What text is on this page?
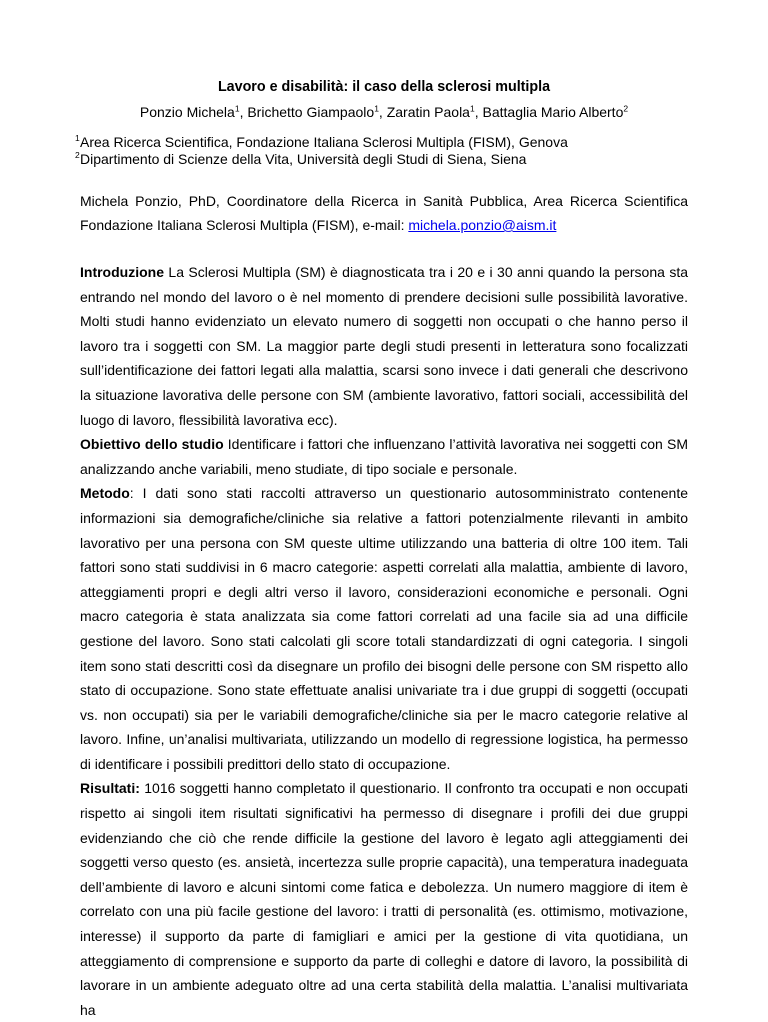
Lavoro e disabilità: il caso della sclerosi multipla
Ponzio Michela$^1$, Brichetto Giampaolo$^1$, Zaratin Paola$^1$, Battaglia Mario Alberto$^2$
1 Area Ricerca Scientifica, Fondazione Italiana Sclerosi Multipla (FISM), Genova
2 Dipartimento di Scienze della Vita, Università degli Studi di Siena, Siena
Michela Ponzio, PhD, Coordinatore della Ricerca in Sanità Pubblica, Area Ricerca Scientifica Fondazione Italiana Sclerosi Multipla (FISM), e-mail: michela.ponzio@aism.it

Introduzione La Sclerosi Multipla (SM) è diagnosticata tra i 20 e i 30 anni quando la persona sta entrando nel mondo del lavoro o è nel momento di prendere decisioni sulle possibilità lavorative. Molti studi hanno evidenziato un elevato numero di soggetti non occupati o che hanno perso il lavoro tra i soggetti con SM. La maggior parte degli studi presenti in letteratura sono focalizzati sull’identificazione dei fattori legati alla malattia, scarsi sono invece i dati generali che descrivono la situazione lavorativa delle persone con SM (ambiente lavorativo, fattori sociali, accessibilità del luogo di lavoro, flessibilità lavorativa ecc).

Obiettivo dello studio Identificare i fattori che influenzano l’attività lavorativa nei soggetti con SM analizzando anche variabili, meno studiate, di tipo sociale e personale.

Metodo: I dati sono stati raccolti attraverso un questionario autosomministrato contenente informazioni sia demografiche/cliniche sia relative a fattori potenzialmente rilevanti in ambito lavorativo per una persona con SM queste ultime utilizzando una batteria di oltre 100 item. Tali fattori sono stati suddivisi in 6 macro categorie: aspetti correlati alla malattia, ambiente di lavoro, atteggiamenti propri e degli altri verso il lavoro, considerazioni economiche e personali. Ogni macro categoria è stata analizzata sia come fattori correlati ad una facile sia ad una difficile gestione del lavoro. Sono stati calcolati gli score totali standardizzati di ogni categoria. I singoli item sono stati descritti così da disegnare un profilo dei bisogni delle persone con SM rispetto allo stato di occupazione. Sono state effettuate analisi univariate tra i due gruppi di soggetti (occupati vs. non occupati) sia per le variabili demografiche/cliniche sia per le macro categorie relative al lavoro. Infine, un’analisi multivariata, utilizzando un modello di regressione logistica, ha permesso di identificare i possibili predittori dello stato di occupazione.

Risultati: 1016 soggetti hanno completato il questionario. Il confronto tra occupati e non occupati rispetto ai singoli item risultati significativi ha permesso di disegnare i profili dei due gruppi evidenziando che ciò che rende difficile la gestione del lavoro è legato agli atteggiamenti dei soggetti verso questo (es. ansietà, incertezza sulle proprie capacità), una temperatura inadeguata dell’ambiente di lavoro e alcuni sintomi come fatica e debolezza. Un numero maggiore di item è correlato con una più facile gestione del lavoro: i tratti di personalità (es. ottimismo, motivazione, interesse) il supporto da parte di famigliari e amici per la gestione di vita quotidiana, un atteggiamento di comprensione e supporto da parte di colleghi e datore di lavoro, la possibilità di lavorare in un ambiente adeguato oltre ad una certa stabilità della malattia. L’analisi multivariata ha
